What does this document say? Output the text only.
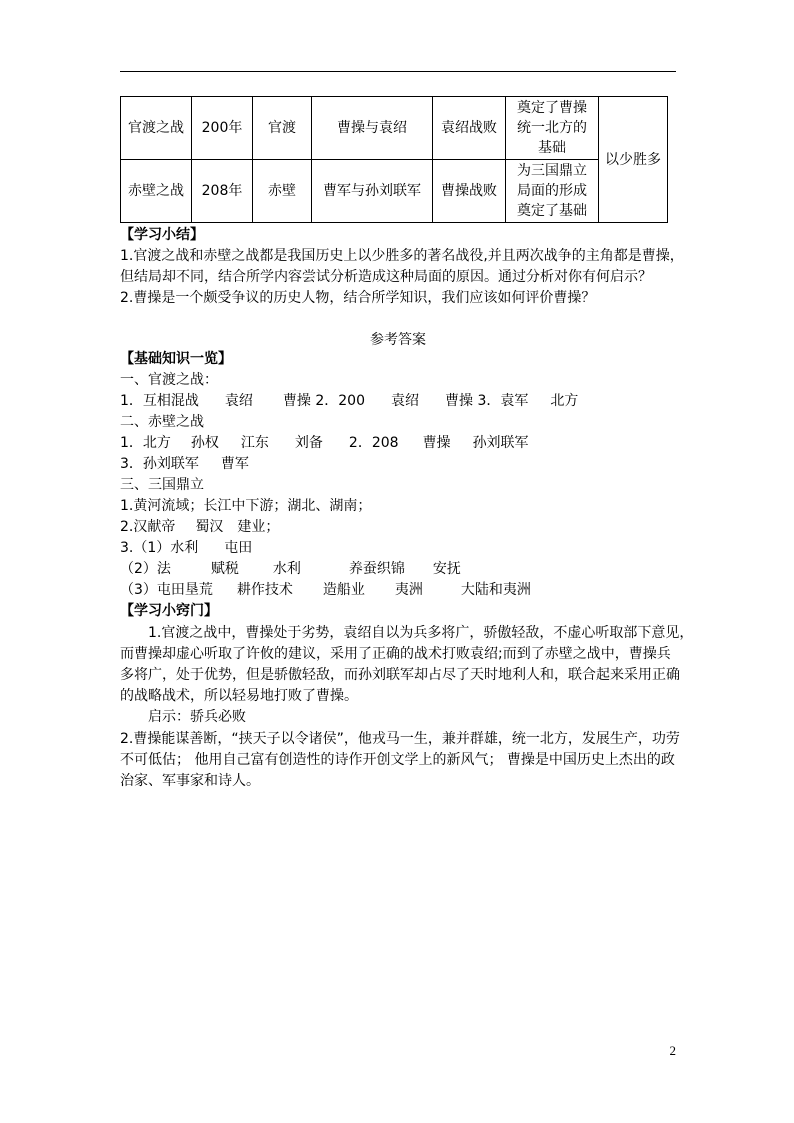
官渡之战	200年	官渡	曹操与袁绍	袁绍战败	奠定了曹操
统一北方的
基础	以少胜多
赤壁之战	208年	赤壁	曹军与孙刘联军	曹操战败	为三国鼎立
局面的形成
奠定了基础	
【学习小结】
1.官渡之战和赤壁之战都是我国历史上以少胜多的著名战役,并且两次战争的主角都是曹操，
但结局却不同，结合所学内容尝试分析造成这种局面的原因。通过分析对你有何启示？
2.曹操是一个颇受争议的历史人物，结合所学知识，我们应该如何评价曹操？
参考答案
【基础知识一览】
一、官渡之战：
1．互相混战 袁绍 曹操 2．200 袁绍 曹操 3．袁军 北方
二、赤壁之战
1．北方 孙权 江东 刘备 2．208 曹操 孙刘联军
3．孙刘联军 曹军
三、三国鼎立
1.黄河流域；长江中下游；湖北、湖南；
2.汉献帝 蜀汉 建业；
3.（1）水利 屯田
（2）法	赋税 水利	养蚕织锦 安抚
（3）屯田垦荒 耕作技术 造船业 夷洲	大陆和夷洲
【学习小窍门】
1.官渡之战中，曹操处于劣势，袁绍自以为兵多将广，骄傲轻敌，不虚心听取部下意见，
而曹操却虚心听取了许攸的建议，采用了正确的战术打败袁绍;而到了赤壁之战中，曹操兵
多将广，处于优势，但是骄傲轻敌，而孙刘联军却占尽了天时地利人和，联合起来采用正确
的战略战术，所以轻易地打败了曹操。
启示：骄兵必败
2.曹操能谋善断，“挟天子以令诸侯”，他戎马一生，兼并群雄，统一北方，发展生产，功劳
不可低估； 他用自己富有创造性的诗作开创文学上的新风气； 曹操是中国历史上杰出的政
治家、军事家和诗人。
2
